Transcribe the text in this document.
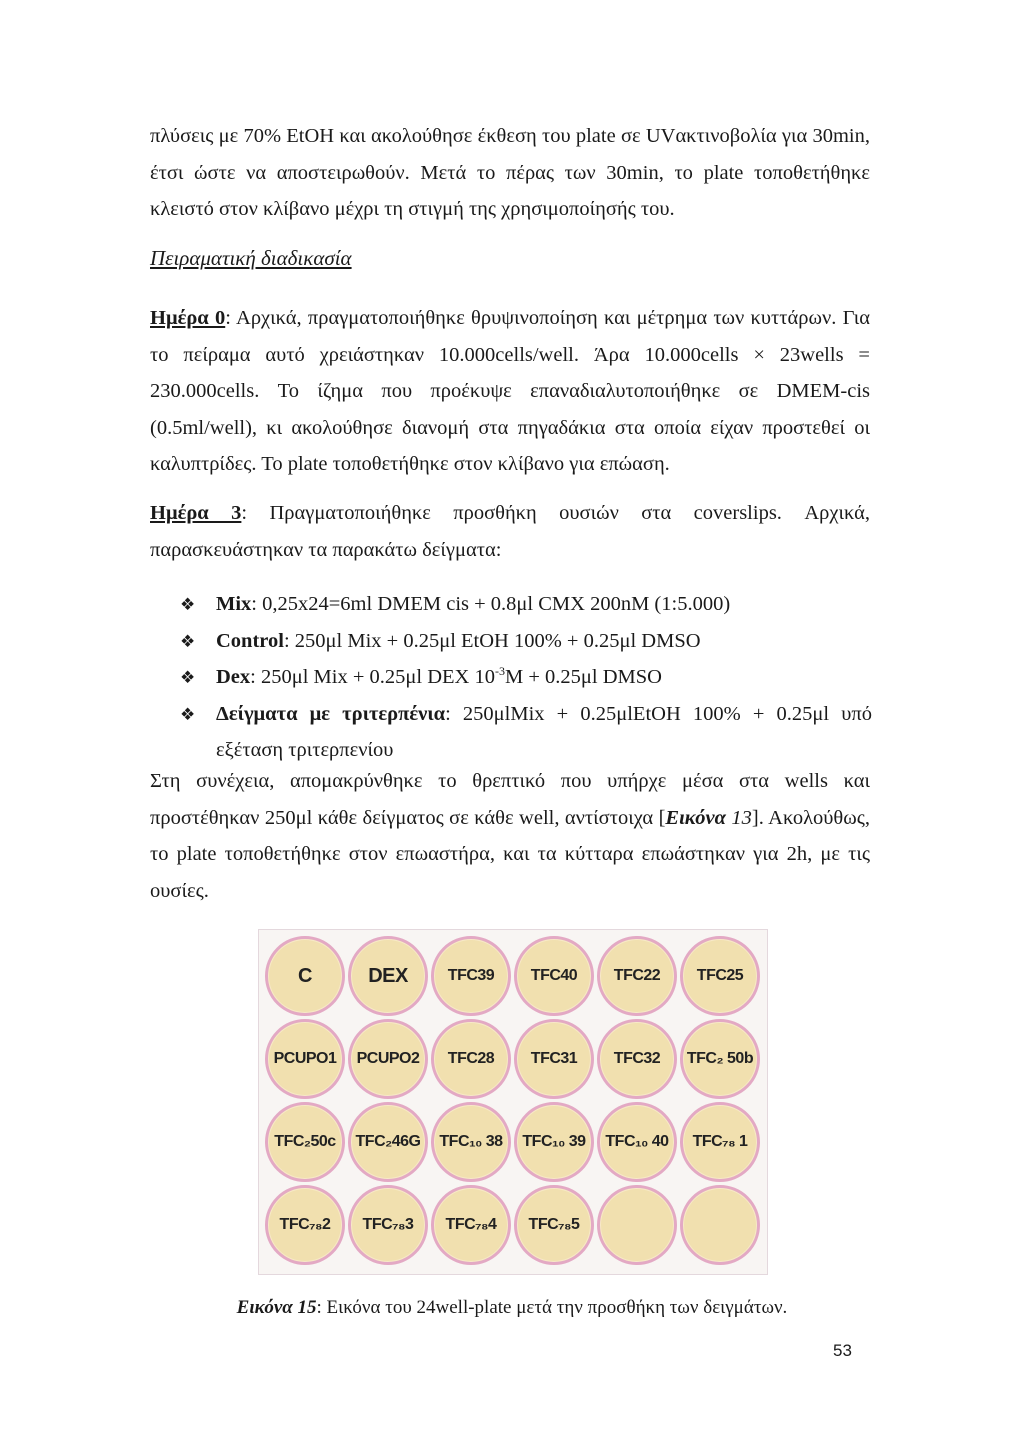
πλύσεις με 70% EtOH και ακολούθησε έκθεση του plate σε UVακτινοβολία για 30min, έτσι ώστε να αποστειρωθούν. Μετά το πέρας των 30min, το plate τοποθετήθηκε κλειστό στον κλίβανο μέχρι τη στιγμή της χρησιμοποίησής του.

Πειραματική διαδικασία

Ημέρα 0: Αρχικά, πραγματοποιήθηκε θρυψινοποίηση και μέτρημα των κυττάρων. Για το πείραμα αυτό χρειάστηκαν 10.000cells/well. Άρα 10.000cells × 23wells = 230.000cells. Το ίζημα που προέκυψε επαναδιαλυτοποιήθηκε σε DMEM-cis (0.5ml/well), κι ακολούθησε διανομή στα πηγαδάκια στα οποία είχαν προστεθεί οι καλυπτρίδες. Το plate τοποθετήθηκε στον κλίβανο για επώαση.

Ημέρα 3: Πραγματοποιήθηκε προσθήκη ουσιών στα coverslips. Αρχικά, παρασκευάστηκαν τα παρακάτω δείγματα:

❖ Mix: 0,25x24=6ml DMEM cis + 0.8μl CMX 200nM (1:5.000)
❖ Control: 250μl Mix + 0.25μl EtOH 100% + 0.25μl DMSO
❖ Dex: 250μl Mix + 0.25μl DEX $10^{-3}M + 0.25\mu l$ DMSO
❖ Δείγματα με τριτερπένια: 250μlMix + 0.25μlEtOH 100% + 0.25μl υπό εξέταση τριτερπενίου

Στη συνέχεια, απομακρύνθηκε το θρεπτικό που υπήρχε μέσα στα wells και προστέθηκαν 250μl κάθε δείγματος σε κάθε well, αντίστοιχα [Εικόνα 13]. Ακολούθως, το plate τοποθετήθηκε στον επωαστήρα, και τα κύτταρα επωάστηκαν για 2h, με τις ουσίες.

C	DEX TFC39 TFC40 TFC22 TFC25
PCUPO1 PCUPO2 TFC28 TFC31 TFC32 TFC₂ 50b
TFC₂50c TFC₂46G TFC₁₀ 38 TFC₁₀ 39 TFC₁₀ 40 TFC₇₈ 1
TFC₇₈2 TFC₇₈3 TFC₇₈4 TFC₇₈5

Εικόνα 15: Εικόνα του 24well-plate μετά την προσθήκη των δειγμάτων.

53
